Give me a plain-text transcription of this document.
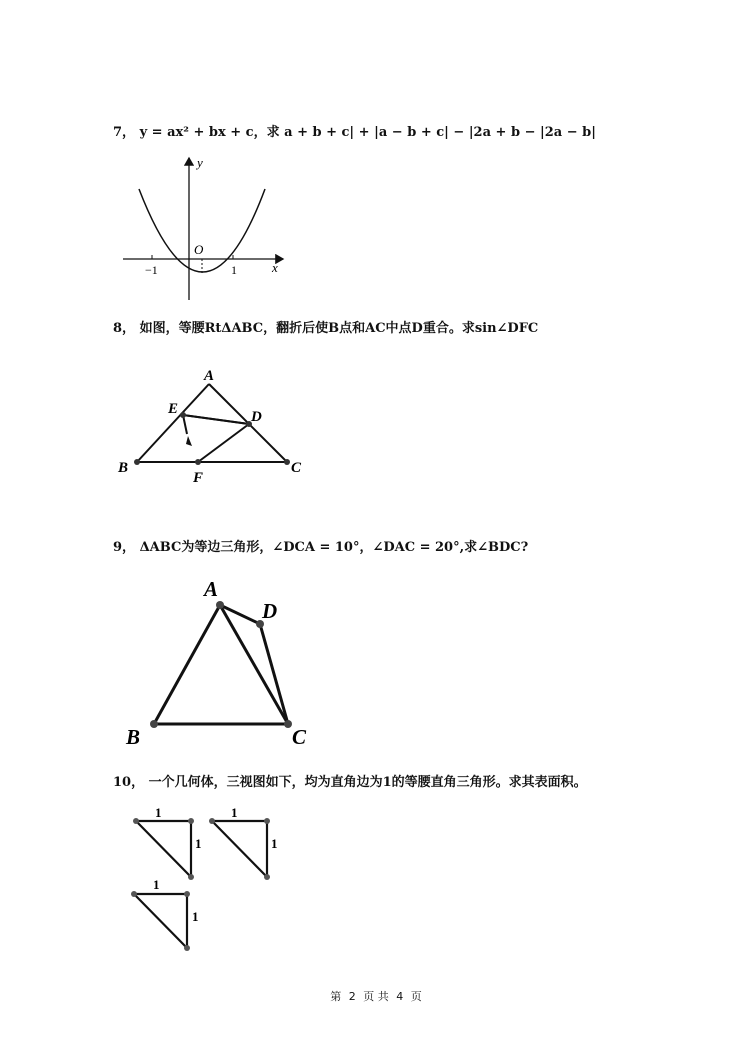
7， y = ax² + bx + c，求 a + b + c| + |a − b + c| − |2a + b − |2a − b|
y
x
O
−1	1
8， 如图，等腰RtΔABC，翻折后使B点和AC中点D重合。求sin∠DFC
A
E	D
B
F
C
9， ΔABC为等边三角形，∠DCA = 10°，∠DAC = 20°,求∠BDC?
A
D
B	C
10， 一个几何体，三视图如下，均为直角边为1的等腰直角三角形。求其表面积。
1
1
1
1
1
1
第 2 页 共 4 页
